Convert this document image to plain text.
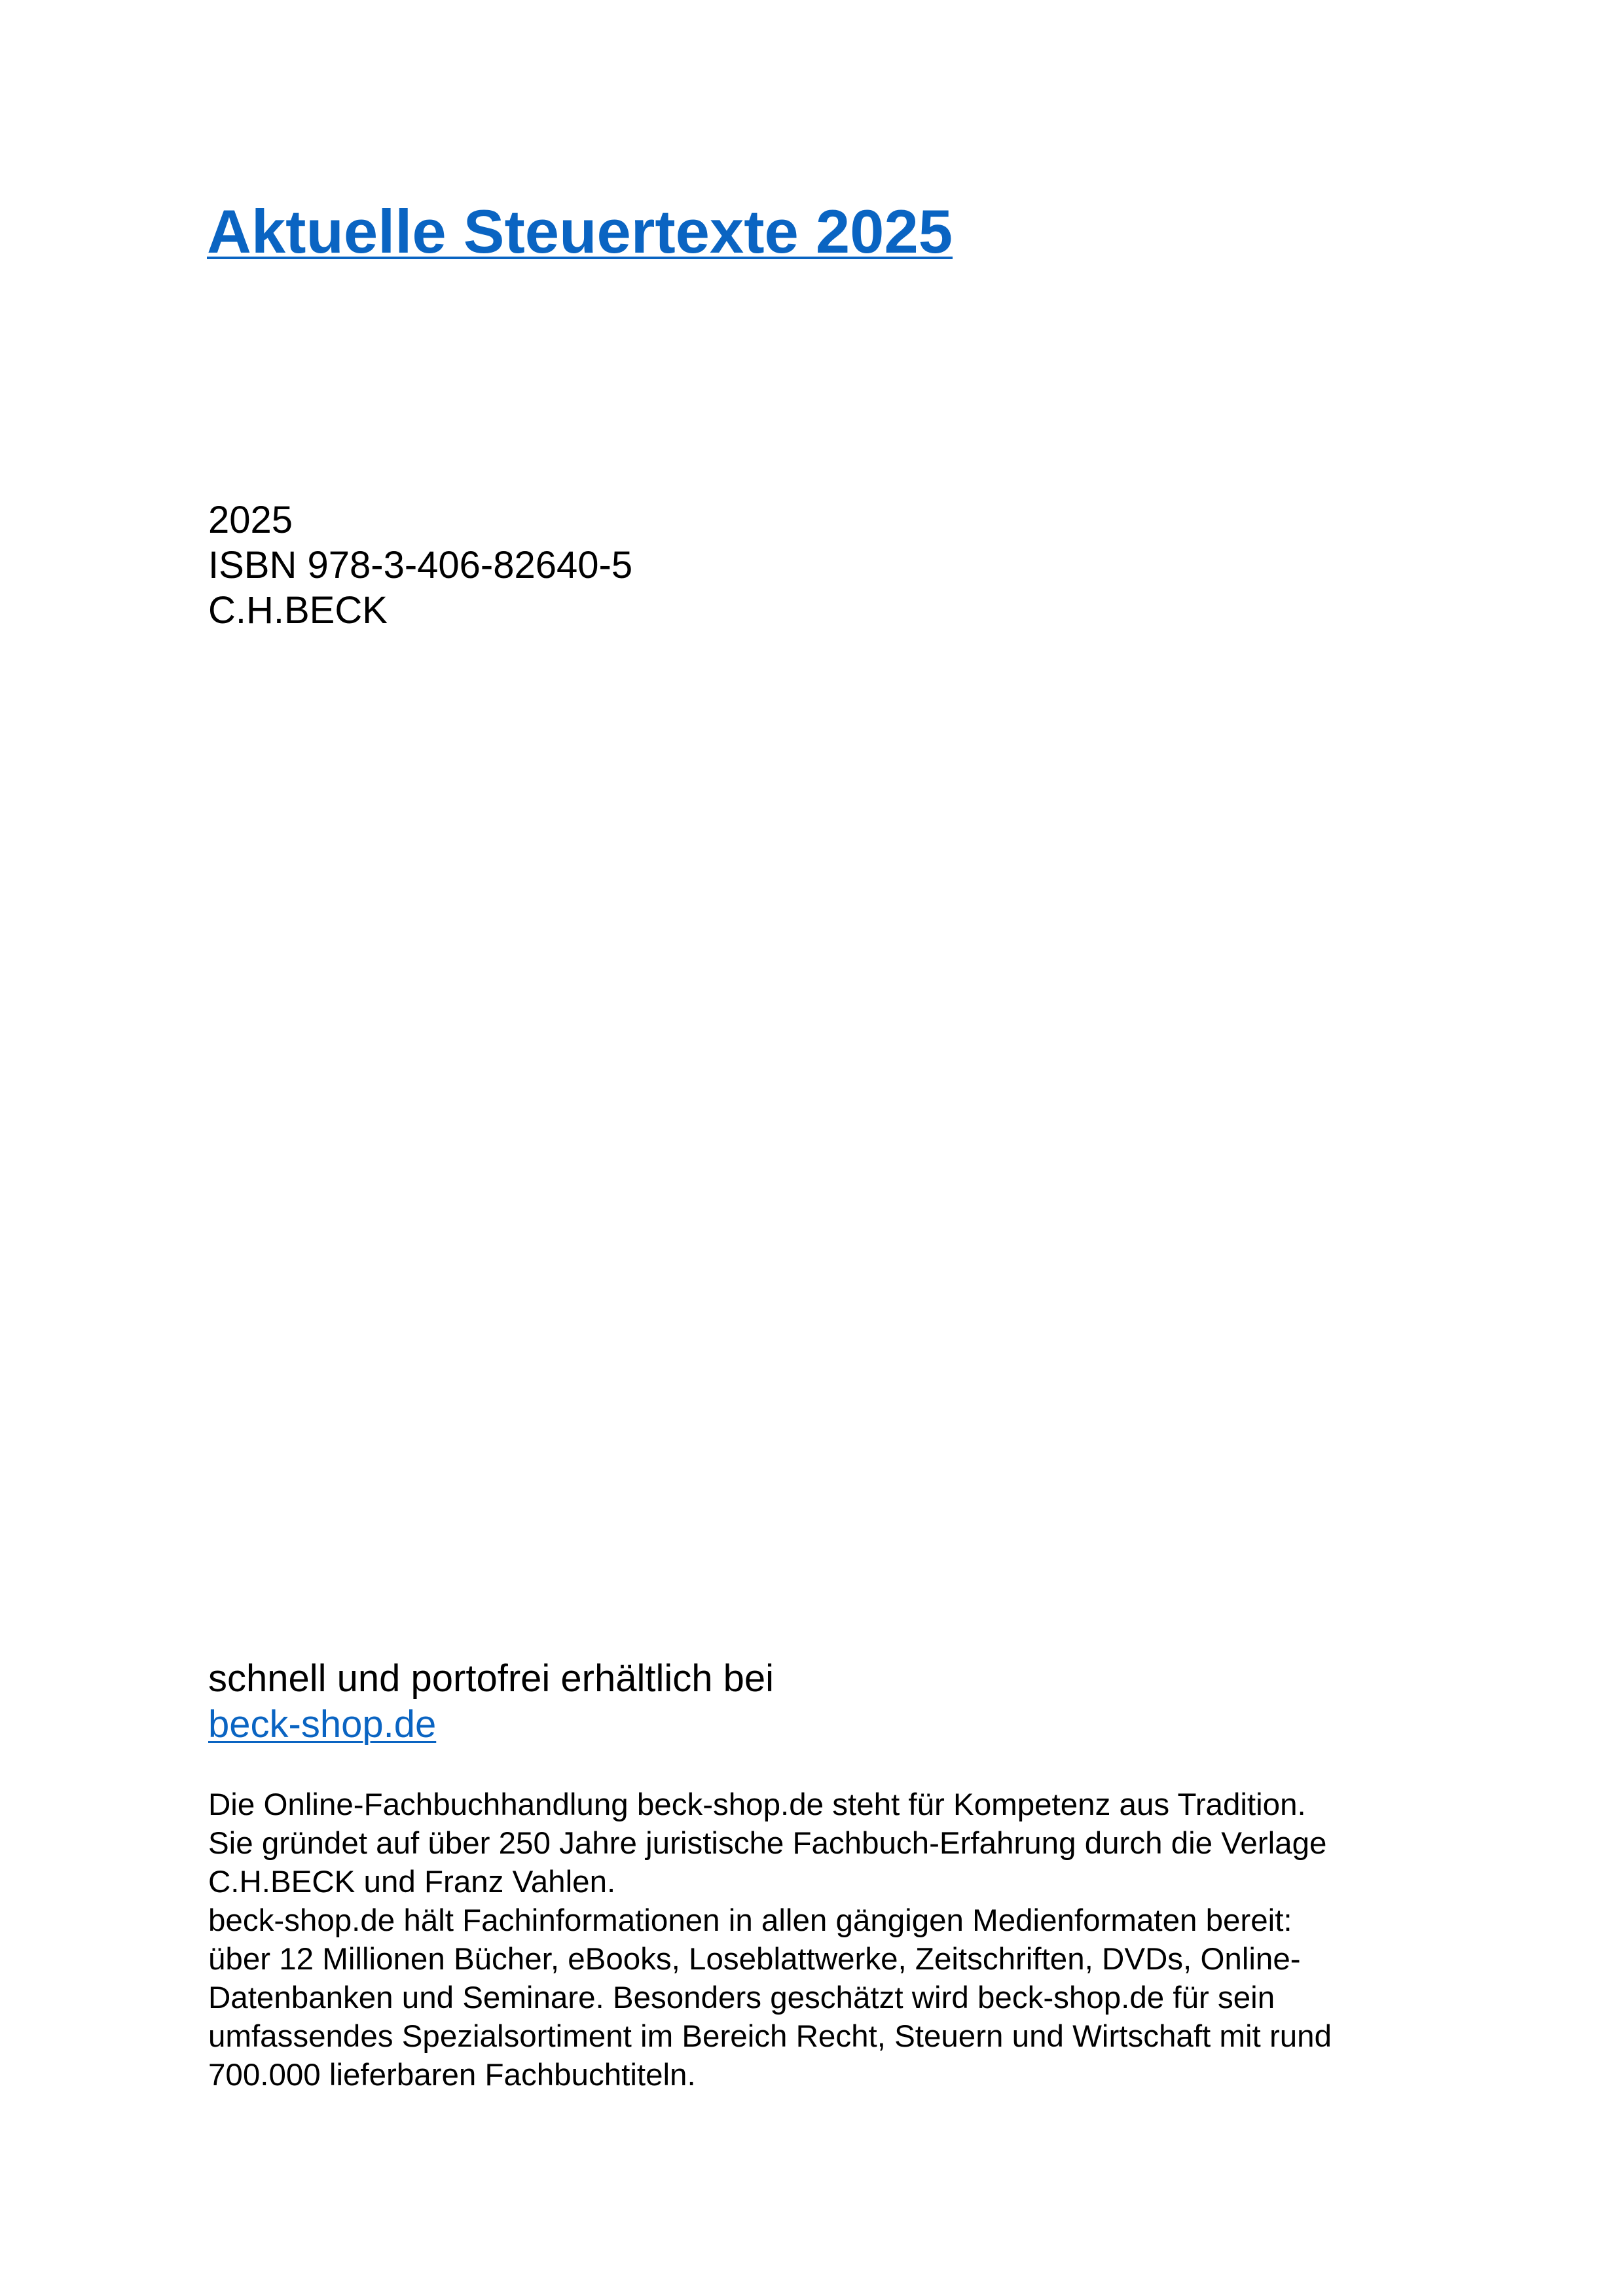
Aktuelle Steuertexte 2025
2025
ISBN 978-3-406-82640-5
C.H.BECK
schnell und portofrei erhältlich bei
beck-shop.de
Die Online-Fachbuchhandlung beck-shop.de steht für Kompetenz aus Tradition.
Sie gründet auf über 250 Jahre juristische Fachbuch-Erfahrung durch die Verlage
C.H.BECK und Franz Vahlen.
beck-shop.de hält Fachinformationen in allen gängigen Medienformaten bereit:
über 12 Millionen Bücher, eBooks, Loseblattwerke, Zeitschriften, DVDs, Online-
Datenbanken und Seminare. Besonders geschätzt wird beck-shop.de für sein
umfassendes Spezialsortiment im Bereich Recht, Steuern und Wirtschaft mit rund
700.000 lieferbaren Fachbuchtiteln.
